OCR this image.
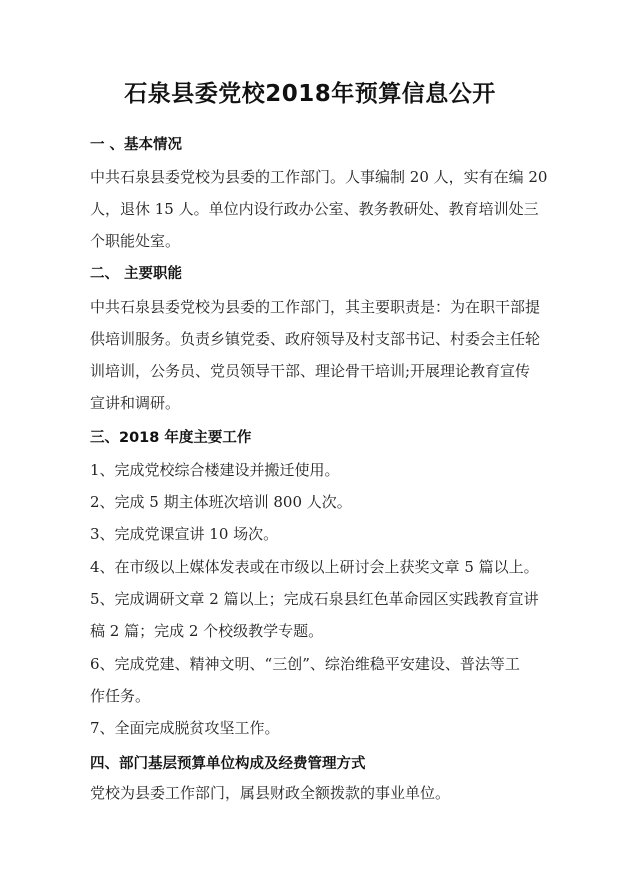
石泉县委党校2018年预算信息公开
一 、基本情况
中共石泉县委党校为县委的工作部门。人事编制 20 人，实有在编 20
人，退休 15 人。单位内设行政办公室、教务教研处、教育培训处三
个职能处室。
二、 主要职能
中共石泉县委党校为县委的工作部门，其主要职责是：为在职干部提
供培训服务。负责乡镇党委、政府领导及村支部书记、村委会主任轮
训培训，公务员、党员领导干部、理论骨干培训;开展理论教育宣传
宣讲和调研。
三、2018 年度主要工作
1、完成党校综合楼建设并搬迁使用。
2、完成 5 期主体班次培训 800 人次。
3、完成党课宣讲 10 场次。
4、在市级以上媒体发表或在市级以上研讨会上获奖文章 5 篇以上。
5、完成调研文章 2 篇以上；完成石泉县红色革命园区实践教育宣讲
稿 2 篇；完成 2 个校级教学专题。
6、完成党建、精神文明、“三创”、综治维稳平安建设、普法等工
作任务。
7、全面完成脱贫攻坚工作。
四、部门基层预算单位构成及经费管理方式
党校为县委工作部门，属县财政全额拨款的事业单位。
